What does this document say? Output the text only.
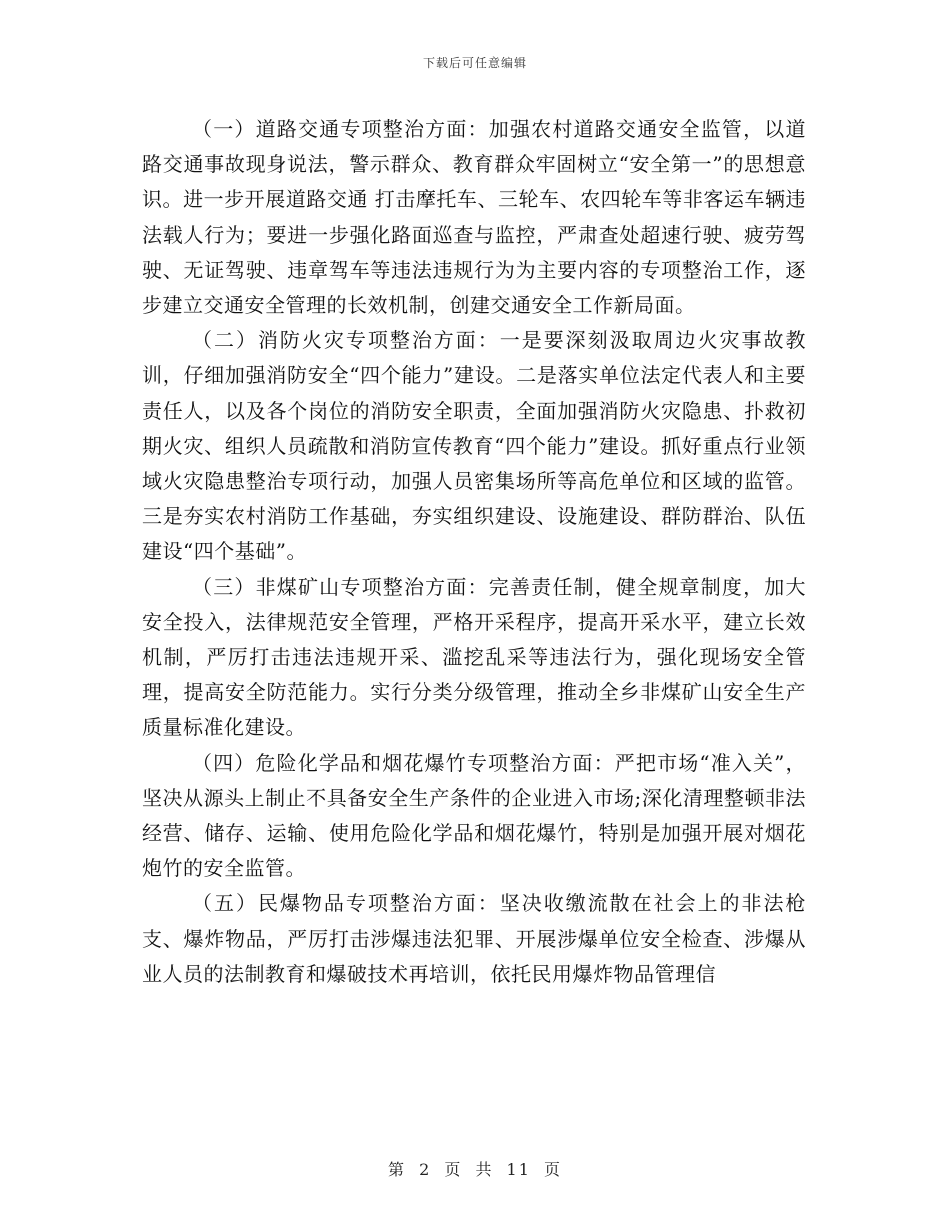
下载后可任意编辑

（一）道路交通专项整治方面：加强农村道路交通安全监管，以道路交通事故现身说法，警示群众、教育群众牢固树立“安全第一”的思想意识。进一步开展道路交通 打击摩托车、三轮车、农四轮车等非客运车辆违法载人行为；要进一步强化路面巡查与监控，严肃查处超速行驶、疲劳驾驶、无证驾驶、违章驾车等违法违规行为为主要内容的专项整治工作，逐步建立交通安全管理的长效机制，创建交通安全工作新局面。

（二）消防火灾专项整治方面：一是要深刻汲取周边火灾事故教训，仔细加强消防安全“四个能力”建设。二是落实单位法定代表人和主要责任人，以及各个岗位的消防安全职责，全面加强消防火灾隐患、扑救初期火灾、组织人员疏散和消防宣传教育“四个能力”建设。抓好重点行业领域火灾隐患整治专项行动，加强人员密集场所等高危单位和区域的监管。三是夯实农村消防工作基础，夯实组织建设、设施建设、群防群治、队伍建设“四个基础”。

（三）非煤矿山专项整治方面：完善责任制，健全规章制度，加大安全投入，法律规范安全管理，严格开采程序，提高开采水平，建立长效机制，严厉打击违法违规开采、滥挖乱采等违法行为，强化现场安全管理，提高安全防范能力。实行分类分级管理，推动全乡非煤矿山安全生产质量标准化建设。

（四）危险化学品和烟花爆竹专项整治方面：严把市场“准入关”，坚决从源头上制止不具备安全生产条件的企业进入市场;深化清理整顿非法经营、储存、运输、使用危险化学品和烟花爆竹，特别是加强开展对烟花炮竹的安全监管。

（五）民爆物品专项整治方面：坚决收缴流散在社会上的非法枪支、爆炸物品，严厉打击涉爆违法犯罪、开展涉爆单位安全检查、涉爆从业人员的法制教育和爆破技术再培训，依托民用爆炸物品管理信

第 2 页 共 11 页
